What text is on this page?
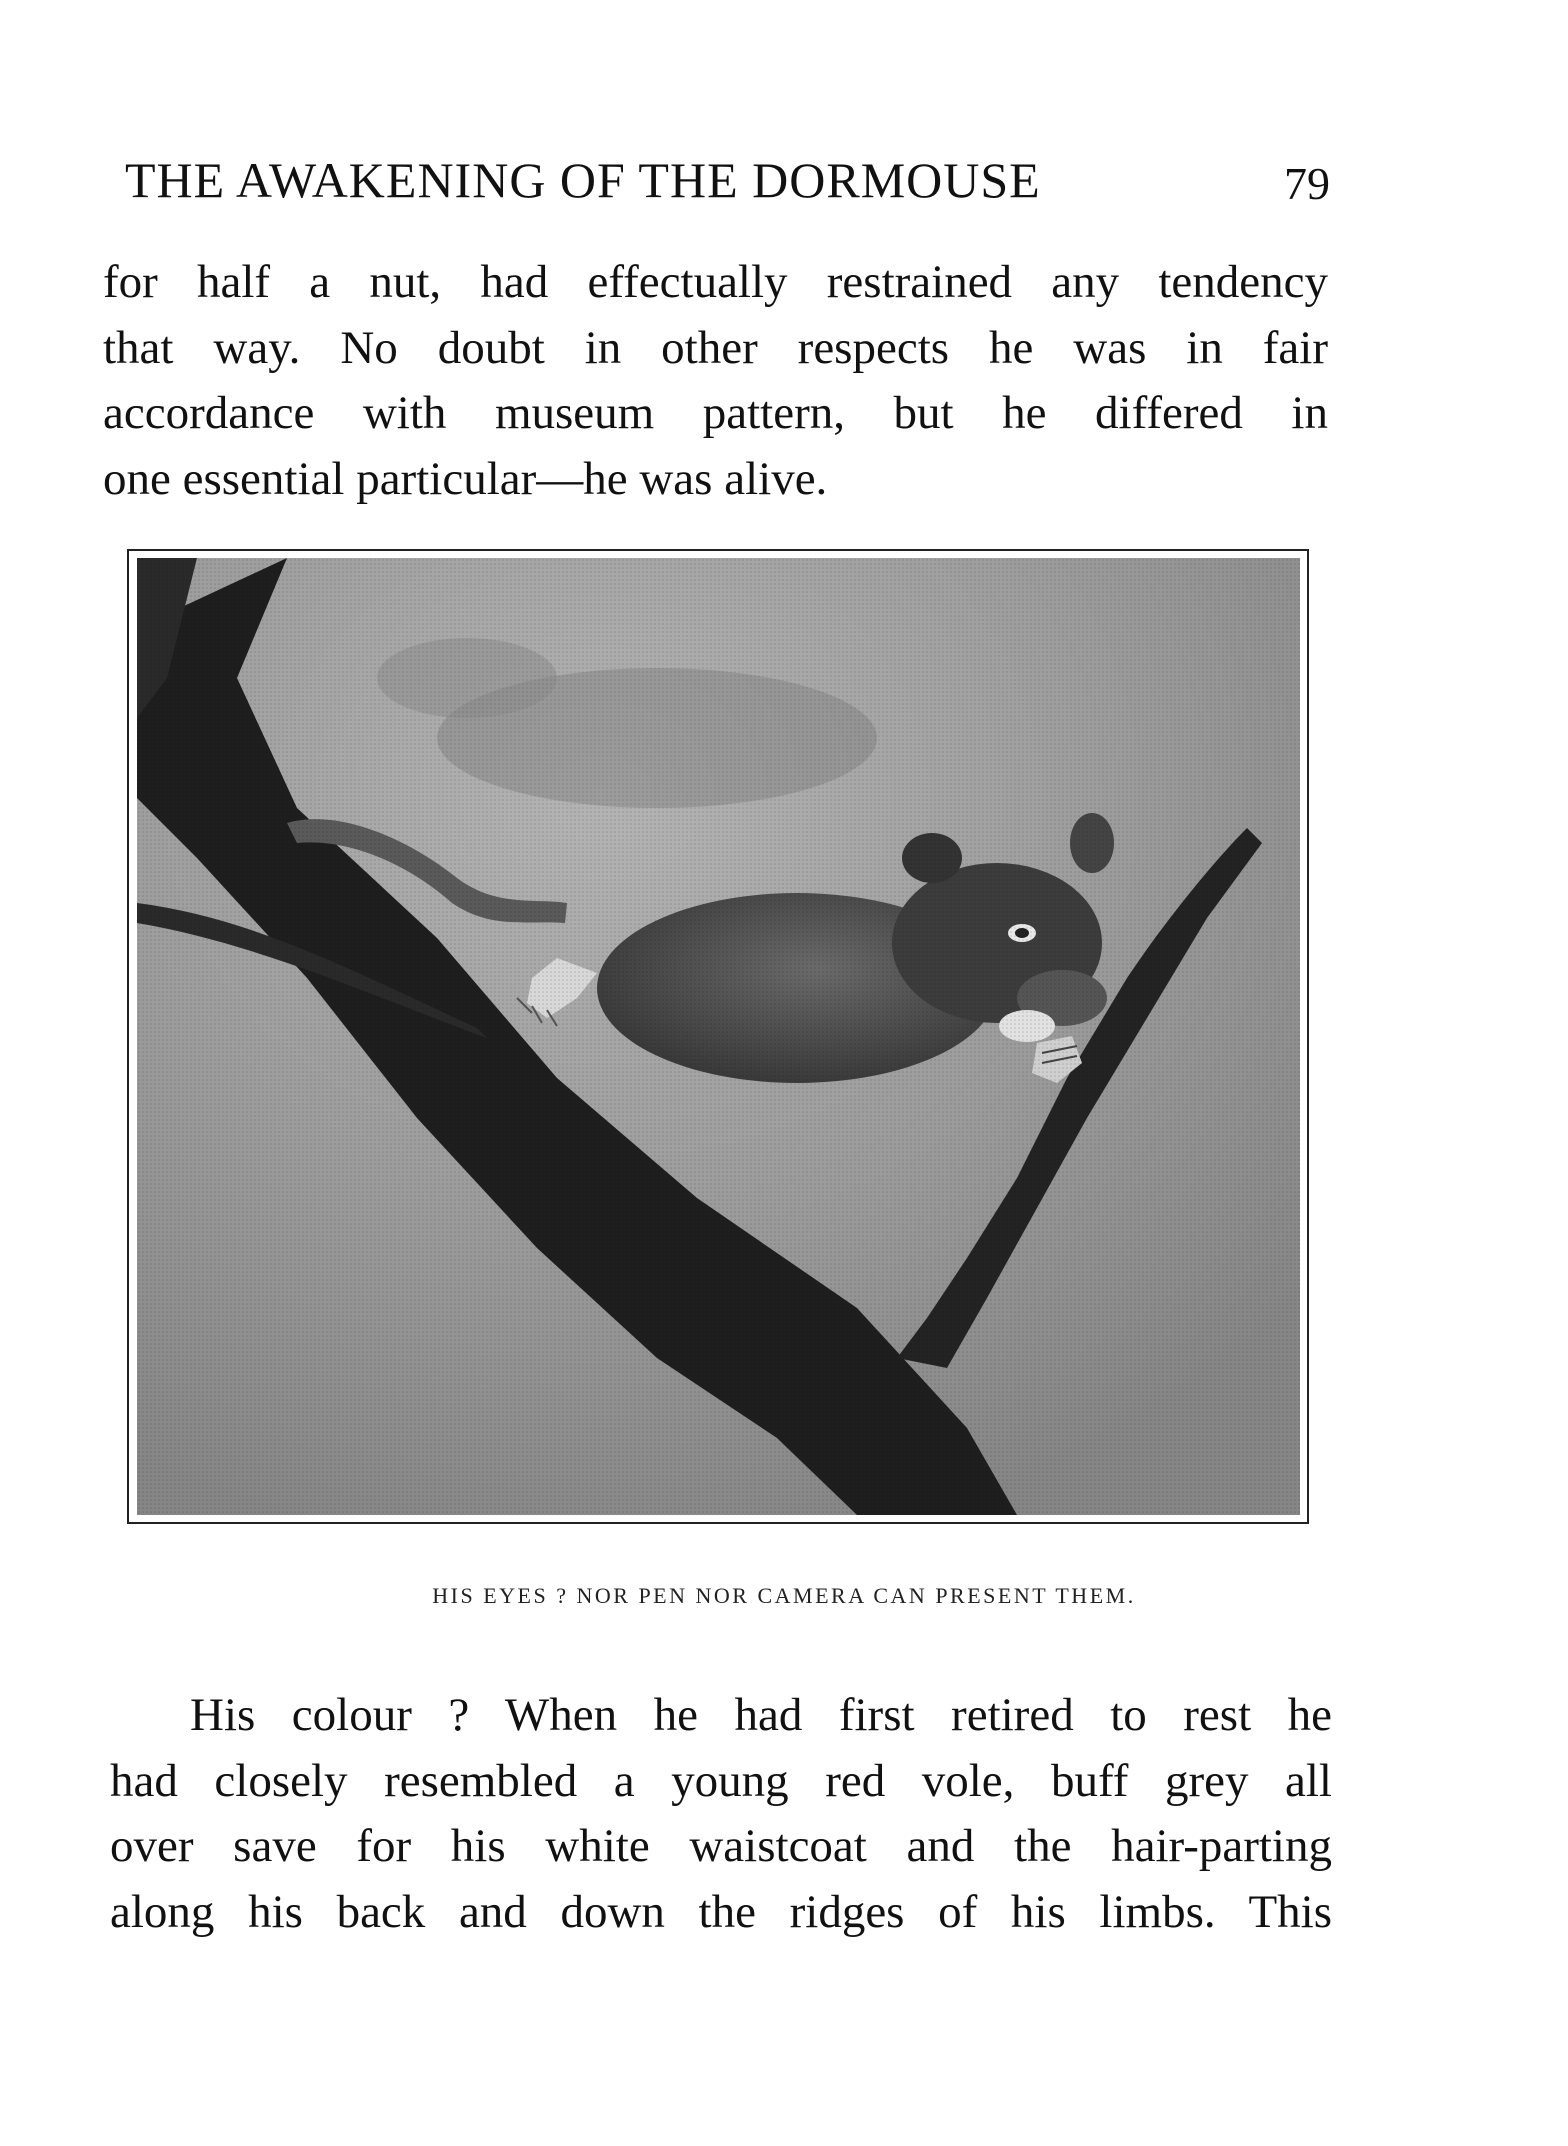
THE AWAKENING OF THE DORMOUSE	79

for half a nut, had effectually restrained any tendency
that way. No doubt in other respects he was in fair
accordance with museum pattern, but he differed in
one essential particular—he was alive.

HIS EYES ? NOR PEN NOR CAMERA CAN PRESENT THEM.

His colour ? When he had first retired to rest he
had closely resembled a young red vole, buff grey all
over save for his white waistcoat and the hair-parting
along his back and down the ridges of his limbs. This
